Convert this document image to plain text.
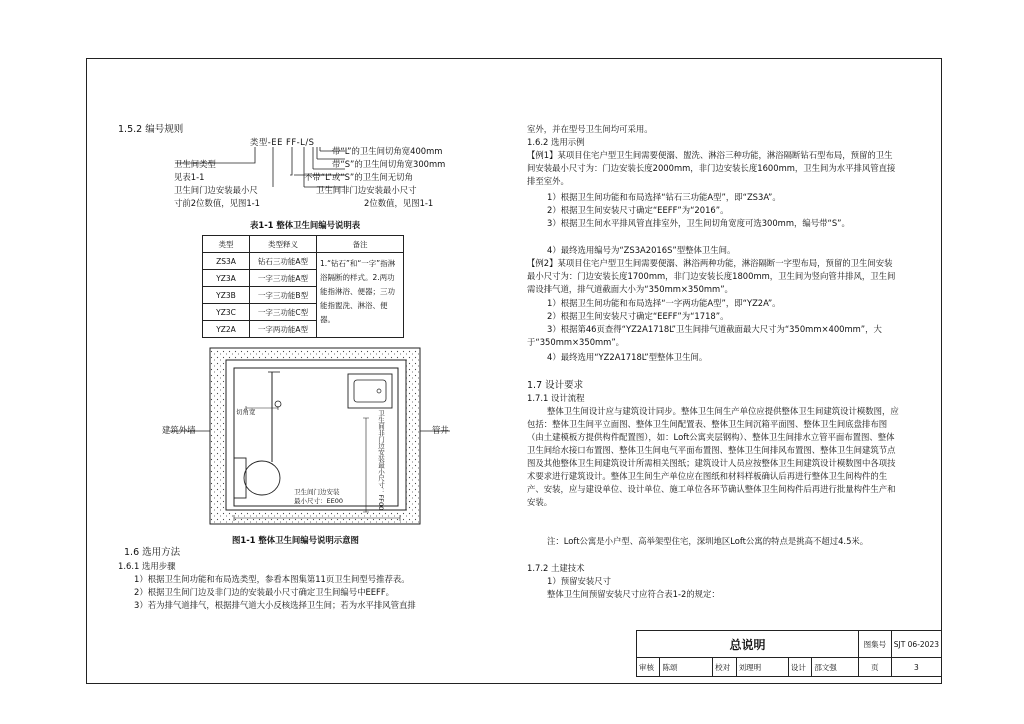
1.5.2 编号规则
类型-EE FF-L/S
带“L”的卫生间切角宽400mm
带“S”的卫生间切角宽300mm
不带“L”或“S”的卫生间无切角
卫生间非门边安装最小尺寸
2位数值，见图1-1
卫生间类型
见表1-1
卫生间门边安装最小尺
寸前2位数值，见图1-1
表1-1 整体卫生间编号说明表
类型	类型释义	备注
ZS3A	钻石三功能A型	1.“钻石”和“一字”指淋浴隔断的样式。2.两功能指淋浴、便器；三功能指盥洗、淋浴、便器。
YZ3A	一字三功能A型	
YZ3B	一字三功能B型	
YZ3C	一字三功能C型	
YZ2A	一字两功能A型	
建筑外墙	管井
切角宽	卫生间非门边安装最小尺寸：FF00
卫生间门边安装
最小尺寸：EE00
图1-1 整体卫生间编号说明示意图
1.6 选用方法
1.6.1 选用步骤
1）根据卫生间功能和布局选类型，参看本图集第11页卫生间型号推荐表。
2）根据卫生间门边及非门边的安装最小尺寸确定卫生间编号中EEFF。
3）若为排气道排气，根据排气道大小反核选择卫生间；若为水平排风管直排
室外，并在型号卫生间均可采用。
1.6.2 选用示例
【例1】某项目住宅户型卫生间需要便溺、盥洗、淋浴三种功能，淋浴隔断钻石型布局，预留的卫生间安装最小尺寸为：门边安装长度2000mm，非门边安装长度1600mm，卫生间为水平排风管直接排至室外。
1）根据卫生间功能和布局选择“钻石三功能A型”，即“ZS3A”。
2）根据卫生间安装尺寸确定“EEFF”为“2016”。
3）根据卫生间水平排风管直排室外，卫生间切角宽度可选300mm，编号带“S”。
4）最终选用编号为“ZS3A2016S”型整体卫生间。
【例2】某项目住宅户型卫生间需要便溺、淋浴两种功能，淋浴隔断一字型布局，预留的卫生间安装最小尺寸为：门边安装长度1700mm，非门边安装长度1800mm，卫生间为竖向管井排风，卫生间需设排气道，排气道截面大小为“350mm×350mm”。
1）根据卫生间功能和布局选择“一字两功能A型”，即“YZ2A”。
2）根据卫生间安装尺寸确定“EEFF”为“1718”。
3）根据第46页查得“YZ2A1718L”卫生间排气道截面最大尺寸为“350mm×400mm”，大于“350mm×350mm”。
4）最终选用“YZ2A1718L”型整体卫生间。
1.7 设计要求
1.7.1 设计流程
整体卫生间设计应与建筑设计同步。整体卫生间生产单位应提供整体卫生间建筑设计模数图，应包括：整体卫生间平立面图、整体卫生间配置表、整体卫生间沉箱平面图、整体卫生间底盘排布图（由土建模板方提供构件配置图），如：Loft公寓夹层钢构）、整体卫生间排水立管平面布置图、整体卫生间给水接口布置图、整体卫生间电气平面布置图、整体卫生间排风布置图、整体卫生间建筑节点图及其他整体卫生间建筑设计所需相关图纸；建筑设计人员应按整体卫生间建筑设计模数图中各项技术要求进行建筑设计。整体卫生间生产单位应在图纸和材料样板确认后再进行整体卫生间构件的生产、安装，应与建设单位、设计单位、施工单位各环节确认整体卫生间构件后再进行批量构件生产和安装。
注：Loft公寓是小户型、高举架型住宅，深圳地区Loft公寓的特点是挑高不超过4.5米。
1.7.2 土建技术
1）预留安装尺寸
整体卫生间预留安装尺寸应符合表1-2的规定：
总说明						图集号	SJT 06-2023
审核	陈颂	校对	刘理明	设计	邵文强	页	3
